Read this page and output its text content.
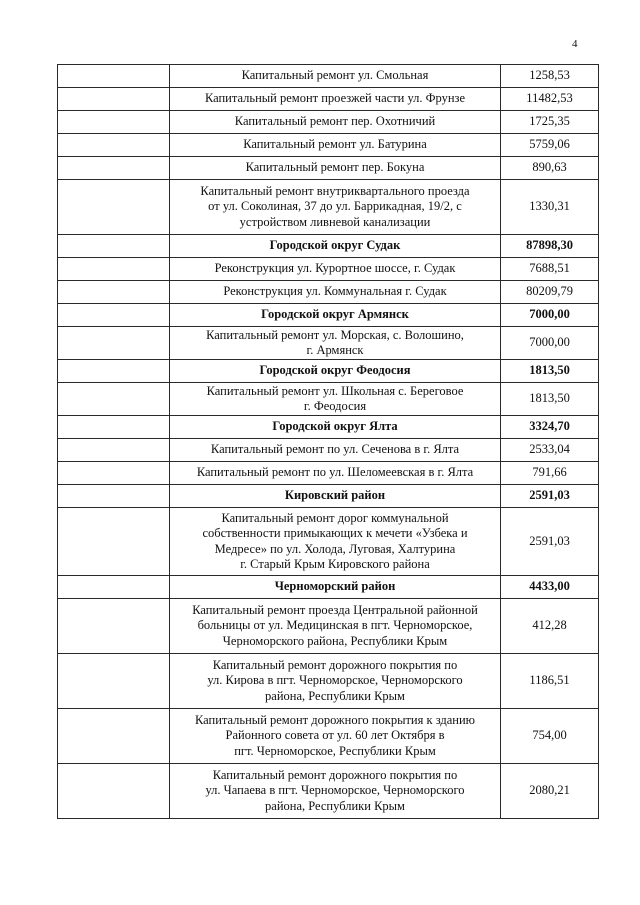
4

	Капитальный ремонт ул. Смольная	1258,53

	Капитальный ремонт проезжей части ул. Фрунзе	11482,53

	Капитальный ремонт пер. Охотничий	1725,35

	Капитальный ремонт ул. Батурина	5759,06

	Капитальный ремонт пер. Бокуна	890,63

	Капитальный ремонт внутриквартального проезда
от ул. Соколиная, 37 до ул. Баррикадная, 19/2, с
устройством ливневой канализации	1330,31

	Городской округ Судак	87898,30

	Реконструкция ул. Курортное шоссе, г. Судак	7688,51

	Реконструкция ул. Коммунальная г. Судак	80209,79

	Городской округ Армянск	7000,00

	Капитальный ремонт ул. Морская, с. Волошино,
г. Армянск	7000,00

	Городской округ Феодосия	1813,50

	Капитальный ремонт ул. Школьная с. Береговое
г. Феодосия	1813,50

	Городской округ Ялта	3324,70

	Капитальный ремонт по ул. Сеченова в г. Ялта	2533,04

	Капитальный ремонт по ул. Шеломеевская в г. Ялта	791,66

	Кировский район	2591,03

	Капитальный ремонт дорог коммунальной
собственности примыкающих к мечети «Узбека и
Медресе» по ул. Холода, Луговая, Халтурина
г. Старый Крым Кировского района	2591,03

	Черноморский район	4433,00

	Капитальный ремонт проезда Центральной районной
больницы от ул. Медицинская в пгт. Черноморское,
Черноморского района, Республики Крым	412,28

	Капитальный ремонт дорожного покрытия по
ул. Кирова в пгт. Черноморское, Черноморского
района, Республики Крым	1186,51

	Капитальный ремонт дорожного покрытия к зданию
Районного совета от ул. 60 лет Октября в
пгт. Черноморское, Республики Крым	754,00

	Капитальный ремонт дорожного покрытия по
ул. Чапаева в пгт. Черноморское, Черноморского
района, Республики Крым	2080,21
